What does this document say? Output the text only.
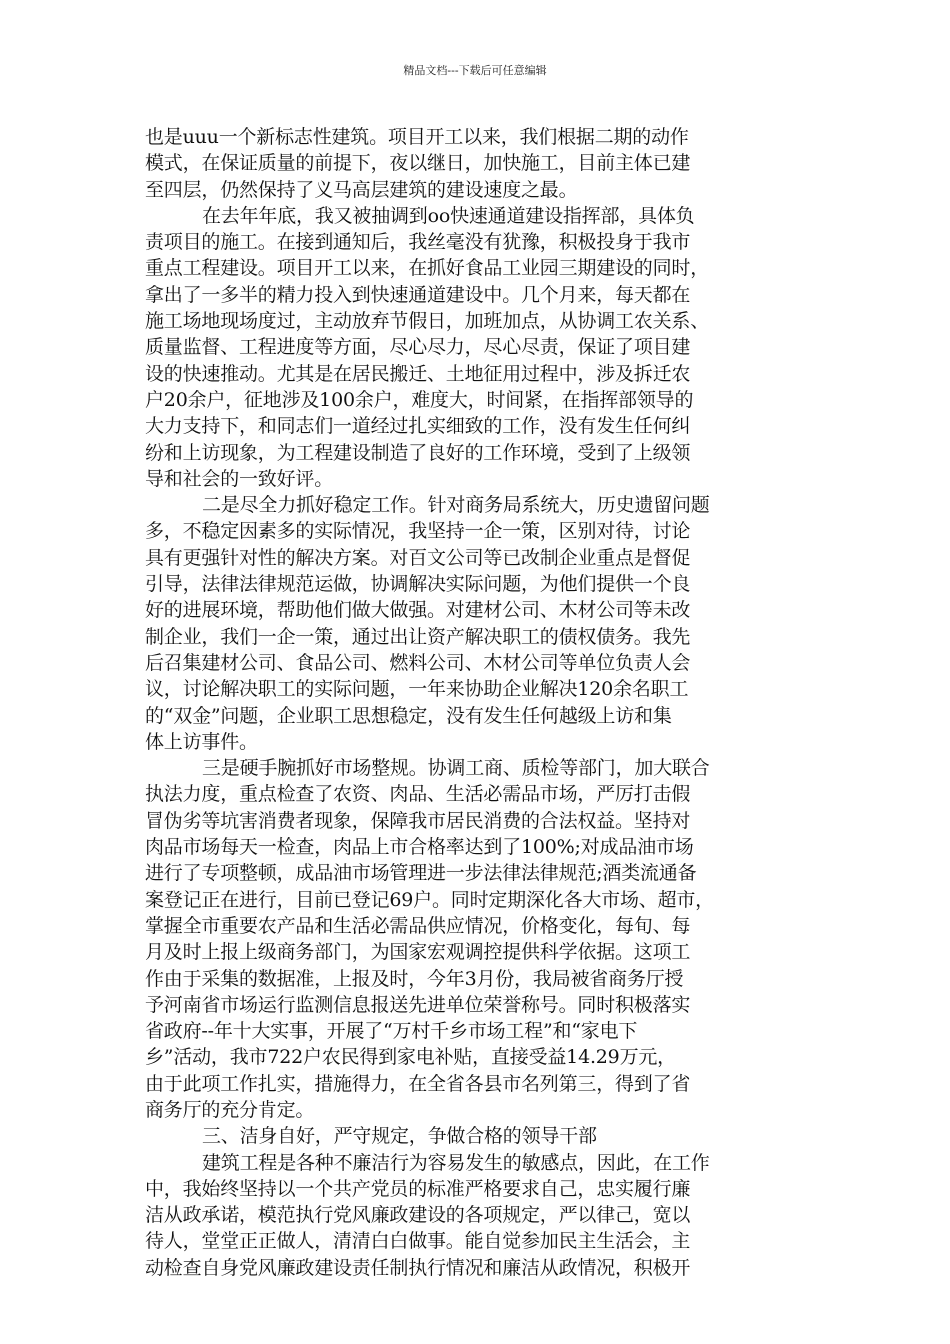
精品文档---下载后可任意编辑
也是uuu一个新标志性建筑。项目开工以来，我们根据二期的动作
模式，在保证质量的前提下，夜以继日，加快施工，目前主体已建
至四层，仍然保持了义马高层建筑的建设速度之最。
在去年年底，我又被抽调到oo快速通道建设指挥部，具体负
责项目的施工。在接到通知后，我丝毫没有犹豫，积极投身于我市
重点工程建设。项目开工以来，在抓好食品工业园三期建设的同时，
拿出了一多半的精力投入到快速通道建设中。几个月来，每天都在
施工场地现场度过，主动放弃节假日，加班加点，从协调工农关系、
质量监督、工程进度等方面，尽心尽力，尽心尽责，保证了项目建
设的快速推动。尤其是在居民搬迁、土地征用过程中，涉及拆迁农
户20余户，征地涉及100余户，难度大，时间紧，在指挥部领导的
大力支持下，和同志们一道经过扎实细致的工作，没有发生任何纠
纷和上访现象，为工程建设制造了良好的工作环境，受到了上级领
导和社会的一致好评。
二是尽全力抓好稳定工作。针对商务局系统大，历史遗留问题
多，不稳定因素多的实际情况，我坚持一企一策，区别对待，讨论
具有更强针对性的解决方案。对百文公司等已改制企业重点是督促
引导，法律法律规范运做，协调解决实际问题，为他们提供一个良
好的进展环境，帮助他们做大做强。对建材公司、木材公司等未改
制企业，我们一企一策，通过出让资产解决职工的债权债务。我先
后召集建材公司、食品公司、燃料公司、木材公司等单位负责人会
议，讨论解决职工的实际问题，一年来协助企业解决120余名职工
的“双金”问题，企业职工思想稳定，没有发生任何越级上访和集
体上访事件。
三是硬手腕抓好市场整规。协调工商、质检等部门，加大联合
执法力度，重点检查了农资、肉品、生活必需品市场，严厉打击假
冒伪劣等坑害消费者现象，保障我市居民消费的合法权益。坚持对
肉品市场每天一检查，肉品上市合格率达到了100%;对成品油市场
进行了专项整顿，成品油市场管理进一步法律法律规范;酒类流通备
案登记正在进行，目前已登记69户。同时定期深化各大市场、超市，
掌握全市重要农产品和生活必需品供应情况，价格变化，每旬、每
月及时上报上级商务部门，为国家宏观调控提供科学依据。这项工
作由于采集的数据准，上报及时，今年3月份，我局被省商务厅授
予河南省市场运行监测信息报送先进单位荣誉称号。同时积极落实
省政府--年十大实事，开展了“万村千乡市场工程”和“家电下
乡”活动，我市722户农民得到家电补贴，直接受益14.29万元，
由于此项工作扎实，措施得力，在全省各县市名列第三，得到了省
商务厅的充分肯定。
三、洁身自好，严守规定，争做合格的领导干部
建筑工程是各种不廉洁行为容易发生的敏感点，因此，在工作
中，我始终坚持以一个共产党员的标准严格要求自己，忠实履行廉
洁从政承诺，模范执行党风廉政建设的各项规定，严以律己，宽以
待人，堂堂正正做人，清清白白做事。能自觉参加民主生活会，主
动检查自身党风廉政建设责任制执行情况和廉洁从政情况，积极开
